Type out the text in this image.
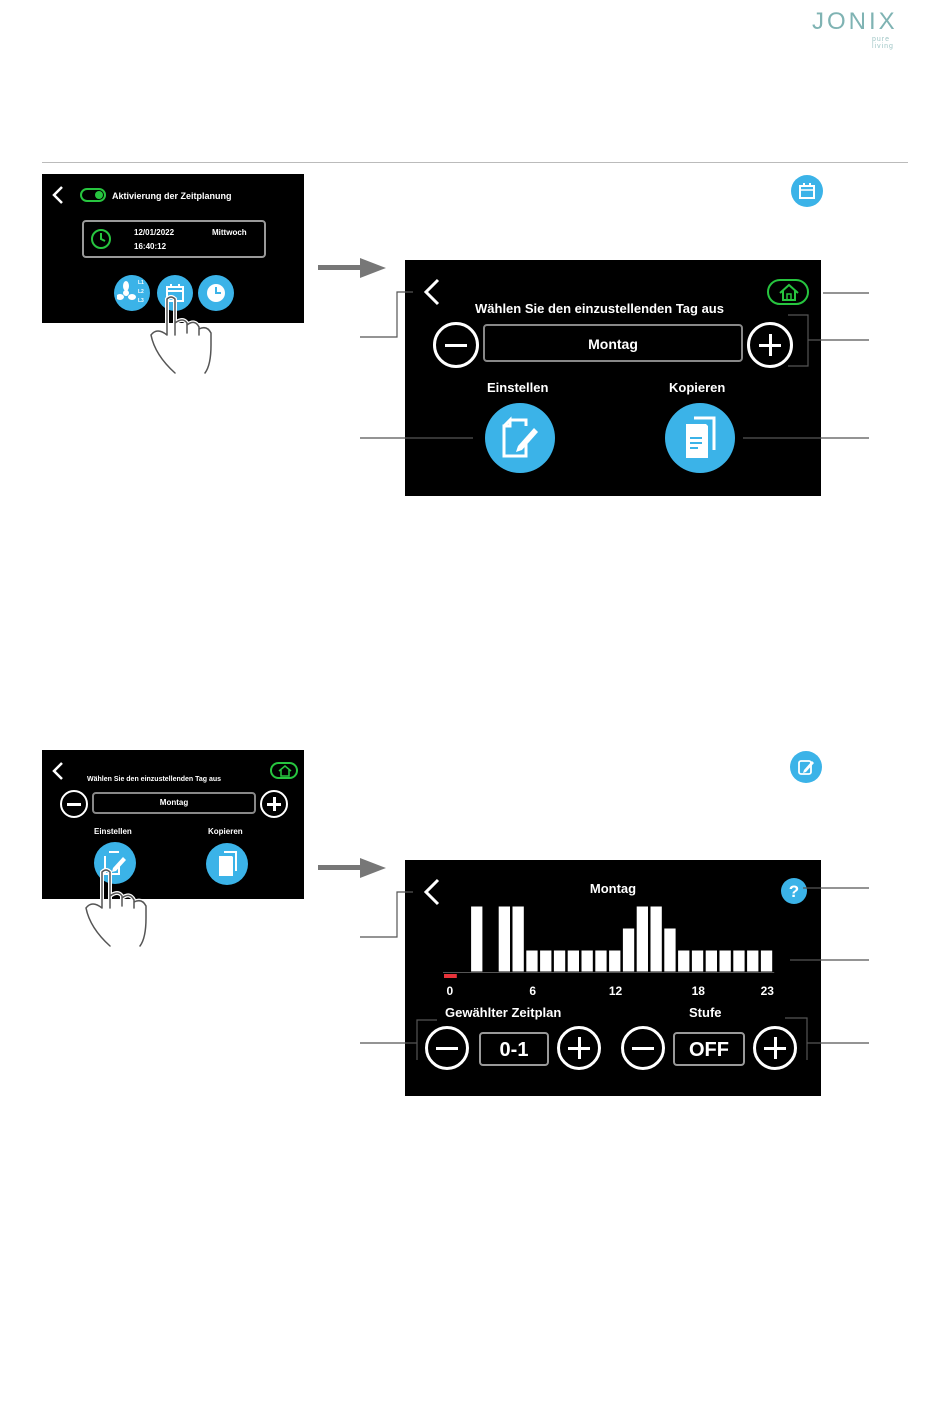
JONIX
pure living
Aktivierung der Zeitplanung
12/01/2022	Mittwoch
16:40:12
L1
L2
L3	Wählen Sie den einzustellenden Tag aus
Montag
Einstellen	Kopieren
Wählen Sie den einzustellenden Tag aus
Montag
Einstellen	Kopieren
Montag	?
0	6	12	18	23
Gewählter Zeitplan	Stufe
0-1	OFF
